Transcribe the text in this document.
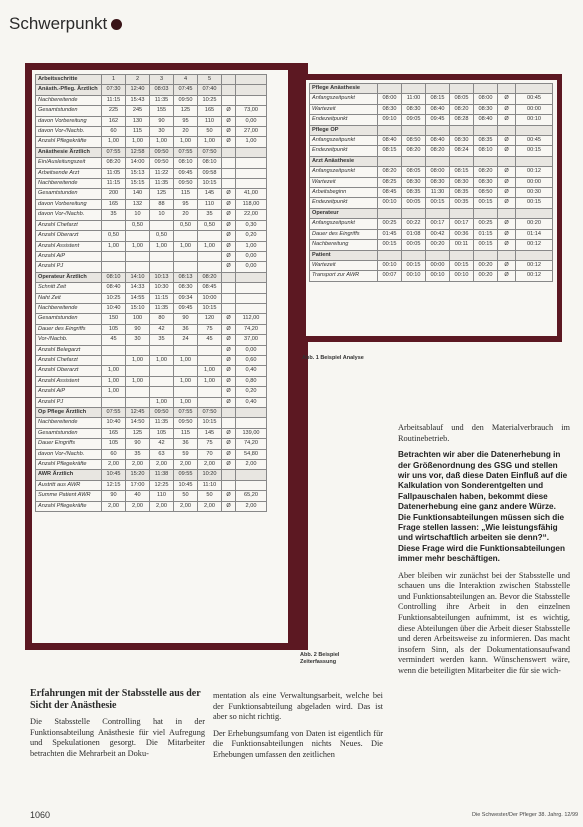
Schwerpunkt
Arbeitsschritte	1	2	3	4	5		
Anästh.-Pfleg. Ärztlich	07:30	12:40	08:03	07:45	07:40		
Nachbereitende	11:15	15:43	11:35	09:50	10:25		
Gesamtstunden	225	245	155	125	165	Ø	73,00
davon Vorbereitung	162	130	90	95	110	Ø	0,00
davon Vor-/Nachb.	60	115	30	20	50	Ø	27,00
Anzahl Pflegekräfte	1,00	1,00	1,00	1,00	1,00	Ø	1,00
Anästhesie Ärztlich	07:55	12:58	09:50	07:55	07:50		
Ein/Ausleitungszeit	08:20	14:00	09:50	08:10	08:10		
Arbeitsende Arzt	11:05	15:13	11:22	09:45	09:58		
Nachbereitende	11:15	15:15	11:35	09:50	10:15		
Gesamtstunden	200	140	125	115	145	Ø	41,00
davon Vorbereitung	165	132	88	95	110	Ø	118,00
davon Vor-/Nachb.	35	10	10	20	35	Ø	22,00
Anzahl Chefarzt		0,50		0,50	0,50	Ø	0,30
Anzahl Oberarzt	0,50		0,50			Ø	0,20
Anzahl Assistent	1,00	1,00	1,00	1,00	1,00	Ø	1,00
Anzahl AiP						Ø	0,00
Anzahl PJ						Ø	0,00
Operateur Ärztlich	08:10	14:10	10:13	08:13	08:20		
Schnitt Zeit	08:40	14:33	10:30	08:30	08:45		
Naht Zeit	10:25	14:55	11:15	09:34	10:00		
Nachbereitende	10:40	15:10	11:35	09:45	10:15		
Gesamtstunden	150	100	80	90	120	Ø	112,00
Dauer des Eingriffs	105	90	42	36	75	Ø	74,20
Vor-/Nachb.	45	30	35	24	45	Ø	37,00
Anzahl Belegarzt						Ø	0,00
Anzahl Chefarzt		1,00	1,00	1,00		Ø	0,60
Anzahl Oberarzt	1,00				1,00	Ø	0,40
Anzahl Assistent	1,00	1,00		1,00	1,00	Ø	0,80
Anzahl AiP	1,00					Ø	0,20
Anzahl PJ			1,00	1,00		Ø	0,40
Op Pflege Ärztlich	07:55	12:45	09:50	07:55	07:50		
Nachbereitende	10:40	14:50	11:35	09:50	10:15		
Gesamtstunden	165	125	105	115	145	Ø	139,00
Dauer Eingriffs	105	90	42	36	75	Ø	74,20
davon Vor-/Nachb.	60	35	63	59	70	Ø	54,80
Anzahl Pflegekräfte	2,00	2,00	2,00	2,00	2,00	Ø	2,00
AWR Ärztlich	10:45	15:20	11:38	09:55	10:20		
Austritt aus AWR	12:15	17:00	12:25	10:45	11:10		
Summe Patient AWR	90	40	110	50	50	Ø	65,20
Anzahl Pflegekräfte	2,00	2,00	2,00	2,00	2,00	Ø	2,00
Pflege Anästhesie							
Anfangszeitpunkt	08:00	11:00	08:15	08:05	08:00	Ø	00:45
Wartezeit	08:30	08:30	08:40	08:20	08:30	Ø	00:00
Endezeitpunkt	09:10	09:05	09:45	08:28	08:40	Ø	00:10
Pflege OP							
Anfangszeitpunkt	08:40	08:50	08:40	08:30	08:35	Ø	00:45
Endezeitpunkt	08:15	08:20	08:20	08:24	08:10	Ø	00:15
Arzt Anästhesie							
Anfangszeitpunkt	08:20	08:05	08:00	08:15	08:20	Ø	00:12
Wartezeit	08:25	08:30	08:30	08:30	08:30	Ø	00:00
Arbeitsbeginn	08:45	08:35	11:30	08:35	08:50	Ø	00:30
Endezeitpunkt	00:10	00:05	00:15	00:35	00:15	Ø	00:15
Operateur							
Anfangszeitpunkt	00:25	00:22	00:17	00:17	00:25	Ø	00:20
Dauer des Eingriffs	01:45	01:08	00:42	00:36	01:15	Ø	01:14
Nachbereitung	00:15	00:05	00:20	00:11	00:15	Ø	00:12
Patient							
Wartezeit	00:10	00:15	00:00	00:15	00:20	Ø	00:12
Transport zur AWR	00:07	00:10	00:10	00:10	00:20	Ø	00:12
Abb. 1 Beispiel Analyse
Abb. 2 Beispiel Zeiterfassung
Erfahrungen mit der Stabsstelle aus der Sicht der Anästhesie
Die Stabsstelle Controlling hat in der Funktionsabteilung Anästhesie für viel Aufregung und Spekulationen gesorgt. Die Mitarbeiter betrachten die Mehrarbeit an Doku-
mentation als eine Verwaltungsarbeit, welche bei der Funktionsabteilung abgeladen wird. Das ist aber so nicht richtig.
Der Erhebungsumfang von Daten ist eigentlich für die Funktionsabteilungen nichts Neues. Die Erhebungen umfassen den zeitlichen
Arbeitsablauf und den Materialverbrauch im Routinebetrieb.
Betrachten wir aber die Datenerhebung in der Größenordnung des GSG und stellen wir uns vor, daß diese Daten Einfluß auf die Kalkulation von Sonderentgelten und Fallpauschalen haben, bekommt diese Datenerhebung eine ganz andere Würze. Die Funktionsabteilungen müssen sich die Frage stellen lassen: „Wie leistungsfähig und wirtschaftlich arbeiten sie denn?“. Diese Frage wird die Funktionsabteilungen immer mehr beschäftigen.
Aber bleiben wir zunächst bei der Stabsstelle und schauen uns die Interaktion zwischen Stabsstelle und Funktionsabteilungen an. Bevor die Stabsstelle Controlling ihre Arbeit in den einzelnen Funktionsabteilungen aufnimmt, ist es wichtig, diese Abteilungen über die Arbeit dieser Stabsstelle und deren Arbeitsweise zu informieren. Das macht insofern Sinn, als der Dokumentationsaufwand vermindert werden kann. Wünschenswert wäre, wenn die beteiligten Mitarbeiter die für sie wich-
1060	Die Schwester/Der Pfleger 38. Jahrg. 12/99
